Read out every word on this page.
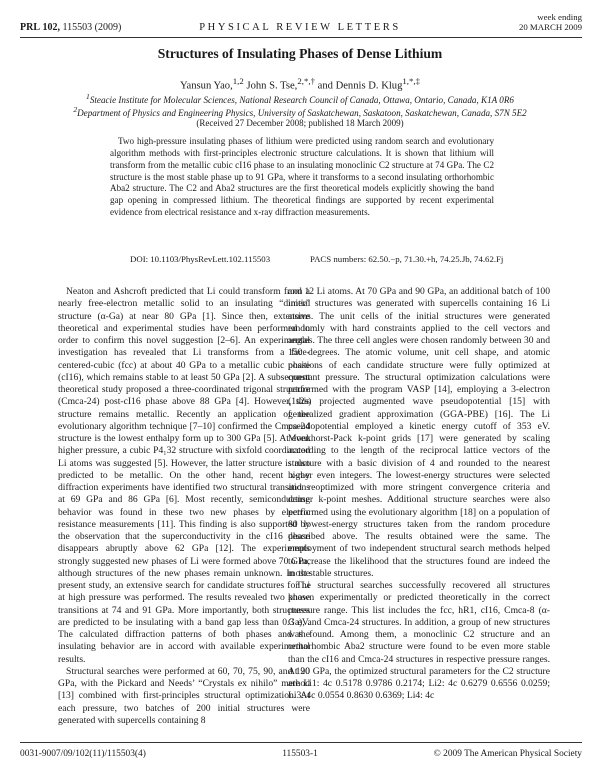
PRL 102, 115503 (2009)	PHYSICAL REVIEW LETTERS
week ending
20 MARCH 2009
Structures of Insulating Phases of Dense Lithium
Yansun Yao,$^{1,2}$ John S. Tse,$^{2,*,\dagger}$ and Dennis D. Klug$^{1,*,\ddagger}$
$^1$Steacie Institute for Molecular Sciences, National Research Council of Canada, Ottawa, Ontario, Canada, K1A 0R6
$^2$Department of Physics and Engineering Physics, University of Saskatchewan, Saskatoon, Saskatchewan, Canada, S7N 5E2
(Received 27 December 2008; published 18 March 2009)
Two high-pressure insulating phases of lithium were predicted using random search and evolutionary algorithm methods with first-principles electronic structure calculations. It is shown that lithium will transform from the metallic cubic cI16 phase to an insulating monoclinic C2 structure at 74 GPa. The C2 structure is the most stable phase up to 91 GPa, where it transforms to a second insulating orthorhombic Aba2 structure. The C2 and Aba2 structures are the first theoretical models explicitly showing the band gap opening in compressed lithium. The theoretical findings are supported by recent experimental evidence from electrical resistance and x-ray diffraction measurements.
DOI: 10.1103/PhysRevLett.102.115503	PACS numbers: 62.50.−p, 71.30.+h, 74.25.Jb, 74.62.Fj

Neaton and Ashcroft predicted that Li could transform from a nearly free-electron metallic solid to an insulating “dimer” structure (α-Ga) at near 80 GPa [1]. Since then, extensive theoretical and experimental studies have been performed in order to confirm this novel suggestion [2–6]. An experimental investigation has revealed that Li transforms from a face-centered-cubic (fcc) at about 40 GPa to a metallic cubic phase (cI16), which remains stable to at least 50 GPa [2]. A subsequent theoretical study proposed a three-coordinated trigonal structure (Cmca-24) post-cI16 phase above 88 GPa [4]. However, this structure remains metallic. Recently an application of the evolutionary algorithm technique [7–10] confirmed the Cmca-24 structure is the lowest enthalpy form up to 300 GPa [5]. At even higher pressure, a cubic P4₁32 structure with sixfold coordinated Li atoms was suggested [5]. However, the latter structure is also predicted to be metallic. On the other hand, recent x-ray diffraction experiments have identified two structural transitions at 69 GPa and 86 GPa [6]. Most recently, semiconducting behavior was found in these two new phases by electric resistance measurements [11]. This finding is also supported by the observation that the superconductivity in the cI16 phase disappears abruptly above 62 GPa [12]. The experiments strongly suggested new phases of Li were formed above 70 GPa, although structures of the new phases remain unknown. In the present study, an extensive search for candidate structures for Li at high pressure was performed. The results revealed two phase transitions at 74 and 91 GPa. More importantly, both structures are predicted to be insulating with a band gap less than 0.3 eV. The calculated diffraction patterns of both phases and the insulating behavior are in accord with available experimental results.

Structural searches were performed at 60, 70, 75, 90, and 120 GPa, with the Pickard and Needs’ “Crystals ex nihilo” method [13] combined with first-principles structural optimization. At each pressure, two batches of 200 initial structures were generated with supercells containing 8

and 12 Li atoms. At 70 GPa and 90 GPa, an additional batch of 100 initial structures was generated with supercells containing 16 Li atoms. The unit cells of the initial structures were generated randomly with hard constraints applied to the cell vectors and angles. The three cell angles were chosen randomly between 30 and 150 degrees. The atomic volume, unit cell shape, and atomic positions of each candidate structure were fully optimized at constant pressure. The structural optimization calculations were performed with the program VASP [14], employing a 3-electron (1s2s) projected augmented wave pseudopotential [15] with generalized gradient approximation (GGA-PBE) [16]. The Li pseudopotential employed a kinetic energy cutoff of 353 eV. Monkhorst-Pack k-point grids [17] were generated by scaling according to the length of the reciprocal lattice vectors of the structure with a basic division of 4 and rounded to the nearest higher even integers. The lowest-energy structures were selected and reoptimized with more stringent convergence criteria and denser k-point meshes. Additional structure searches were also performed using the evolutionary algorithm [18] on a population of 80 lowest-energy structures taken from the random procedure described above. The results obtained were the same. The employment of two independent structural search methods helped to increase the likelihood that the structures found are indeed the most stable structures.

The structural searches successfully recovered all structures known experimentally or predicted theoretically in the correct pressure range. This list includes the fcc, hR1, cI16, Cmca-8 (α-Ga), and Cmca-24 structures. In addition, a group of new structures was found. Among them, a monoclinic C2 structure and an orthorhombic Aba2 structure were found to be even more stable than the cI16 and Cmca-24 structures in respective pressure ranges. At 90 GPa, the optimized structural parameters for the C2 structure are Li1: 4c 0.5178 0.9786 0.2174; Li2: 4c 0.6279 0.6556 0.0259; Li3: 4c 0.0554 0.8630 0.6369; Li4: 4c

0031-9007/09/102(11)/115503(4)	115503-1	© 2009 The American Physical Society
